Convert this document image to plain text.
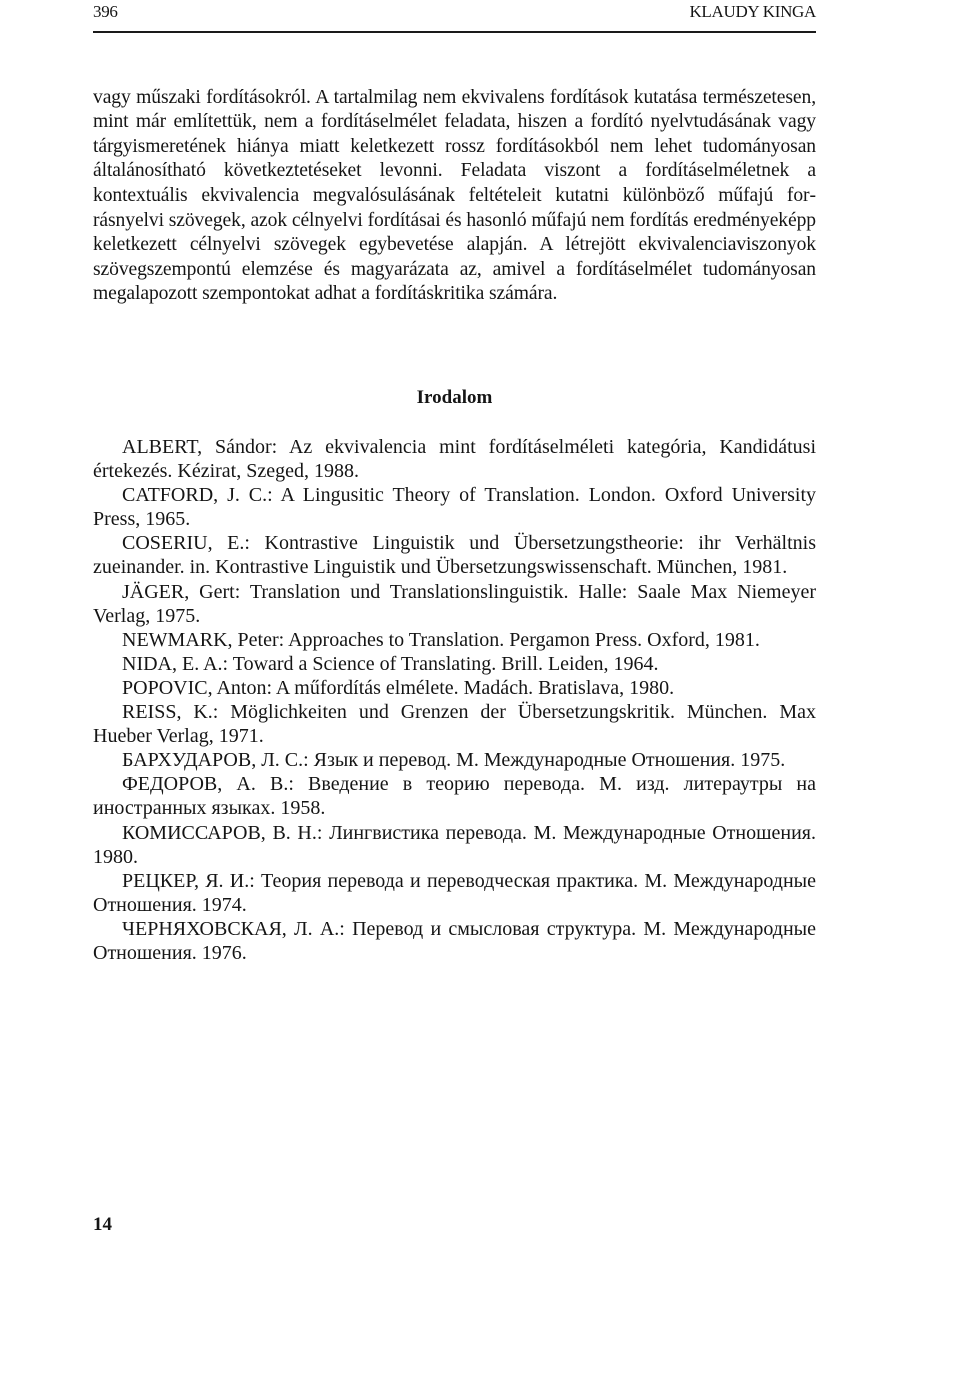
396	KLAUDY KINGA

vagy műszaki fordításokról. A tartalmilag nem ekvivalens fordítások kutatása természetesen, mint már említettük, nem a fordításelmélet feladata, hiszen a fordító nyelvtudásának vagy tárgyismeretének hiánya miatt keletkezett rossz fordításokból nem lehet tudományosan általánosítható következtetéseket levonni. Feladata viszont a fordításelméletnek a kontextuális ekvivalencia megvalósulásának feltételeit kutatni különböző műfajú forrásnyelvi szövegek, azok célnyelvi fordításai és hasonló műfajú nem fordítás eredményeképp keletkezett célnyelvi szövegek egybevetése alapján. A létrejött ekvivalenciaviszonyok szövegszempontú elemzése és magyarázata az, amivel a fordításelmélet tudományosan megalapozott szempontokat adhat a fordításkritika számára.

Irodalom
ALBERT, Sándor: Az ekvivalencia mint fordításelméleti kategória, Kandidátusi értekezés. Kézirat, Szeged, 1988.
CATFORD, J. C.: A Lingusitic Theory of Translation. London. Oxford University Press, 1965.
COSERIU, E.: Kontrastive Linguistik und Übersetzungstheorie: ihr Verhältnis zueinander. in. Kontrastive Linguistik und Übersetzungswissenschaft. München, 1981.
JÄGER, Gert: Translation und Translationslinguistik. Halle: Saale Max Niemeyer Verlag, 1975.
NEWMARK, Peter: Approaches to Translation. Pergamon Press. Oxford, 1981.
NIDA, E. A.: Toward a Science of Translating. Brill. Leiden, 1964.
POPOVIC, Anton: A műfordítás elmélete. Madách. Bratislava, 1980.
REISS, K.: Möglichkeiten und Grenzen der Übersetzungskritik. München. Max Hueber Verlag, 1971.
БАРХУДАРОВ, Л. С.: Язык и перевод. М. Международные Отношения. 1975.
ФЕДОРОВ, А. В.: Введение в теорию перевода. М. изд. литераутры на иностранных языках. 1958.
КОМИССАРОВ, В. Н.: Лингвистика перевода. М. Международные Отношения. 1980.
РЕЦКЕР, Я. И.: Теория перевода и переводческая практика. М. Международные Отношения. 1974.
ЧЕРНЯХОВСКАЯ, Л. А.: Перевод и смысловая структура. М. Международные Отношения. 1976.
14
